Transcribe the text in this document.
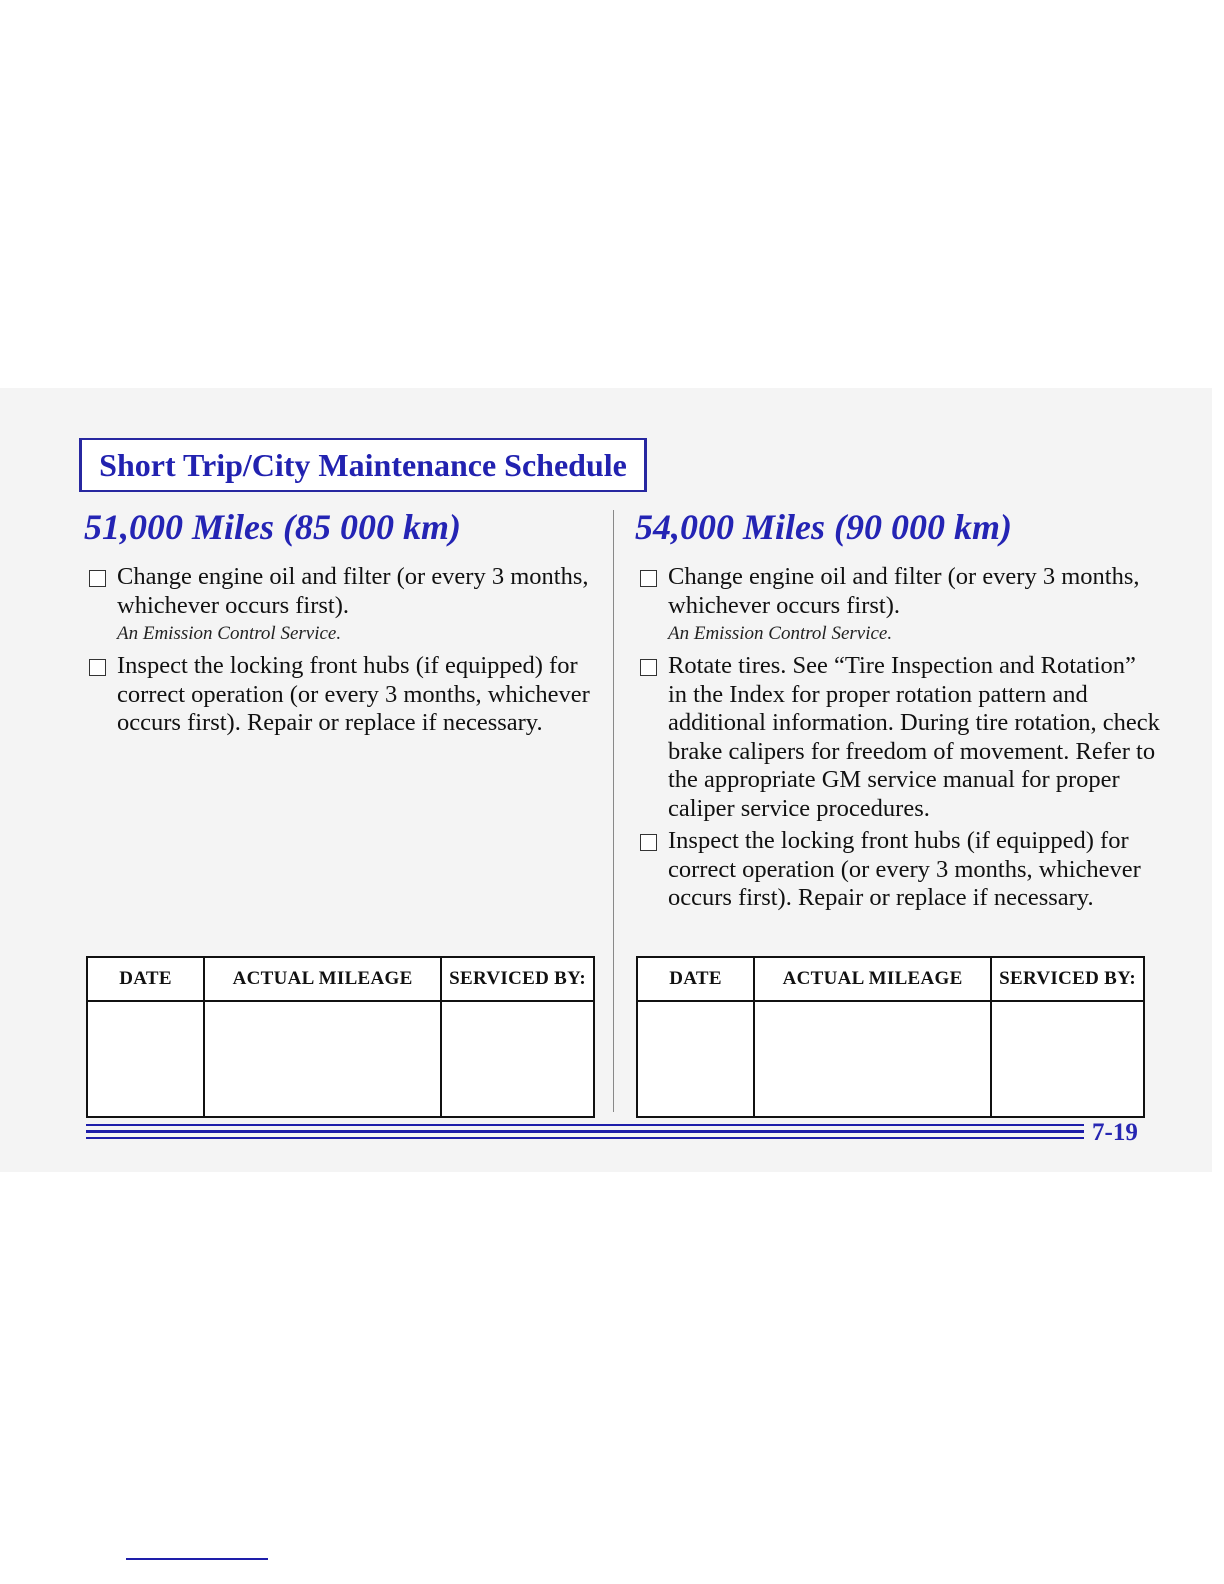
Short Trip/City Maintenance Schedule
51,000 Miles (85 000 km)
Change engine oil and filter (or every 3 months, whichever occurs first).
An Emission Control Service.
Inspect the locking front hubs (if equipped) for correct operation (or every 3 months, whichever occurs first). Repair or replace if necessary.
54,000 Miles (90 000 km)
Change engine oil and filter (or every 3 months, whichever occurs first).
An Emission Control Service.
Rotate tires. See “Tire Inspection and Rotation” in the Index for proper rotation pattern and additional information. During tire rotation, check brake calipers for freedom of movement. Refer to the appropriate GM service manual for proper caliper service procedures.
Inspect the locking front hubs (if equipped) for correct operation (or every 3 months, whichever occurs first). Repair or replace if necessary.
DATE	ACTUAL MILEAGE	SERVICED BY:
			DATE	ACTUAL MILEAGE	SERVICED BY:

7-19
